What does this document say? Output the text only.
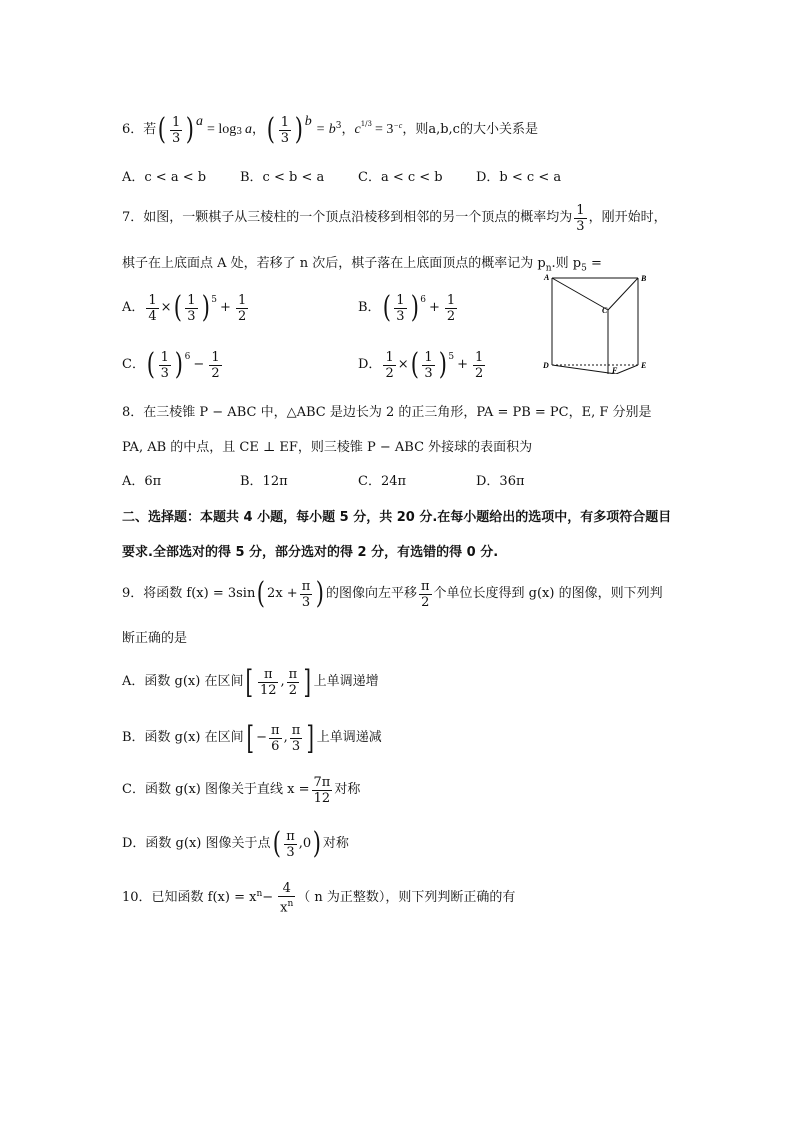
6． 若 ( $\frac{1}{3}$ ) a
= log 3 a ， ( $\frac{1}{3}$ ) b
= $b^3$ ， $c^{1/3} = 3^{-c}$ ，则a,b,c的大小关系是
A．c < a < b	B．c < b < a	C．a < c < b	D．b < c < a
7．如图，一颗棋子从三棱柱的一个顶点沿棱移到相邻的另一个顶点的概率均为 $\frac{1}{3}$ ，刚开始时，
棋子在上底面点 A 处，若移了 n 次后，棋子落在上底面顶点的概率记为 $p_n$.则 $p_5$ =
A． $\frac{1}{4}$ × ( $\frac{1}{3} )^5 + \frac{1}{2}$	B． ( $\frac{1}{3} )^6 + \frac{1}{2}$
C． ( $\frac{1}{3} )^6 - \frac{1}{2}$	D． $\frac{1}{2}$ × ( $\frac{1}{3} )^5 + \frac{1}{2}$
A	B
C
D	E
F
8．在三棱锥 P − ABC 中，△ABC 是边长为 2 的正三角形，PA = PB = PC，E, F 分别是
PA, AB 的中点，且 CE ⊥ EF，则三棱锥 P − ABC 外接球的表面积为
A．6π	B．12π	C．24π	D．36π
二、选择题：本题共 4 小题，每小题 5 分，共 20 分.在每小题给出的选项中，有多项符合题目
要求.全部选对的得 5 分，部分选对的得 2 分，有选错的得 0 分.
9．将函数 f(x) = 3sin ( $2x + \frac{\pi}{3}$ ) 的图像向左平移 $\frac{\pi}{2}$ 个单位长度得到 g(x) 的图像，则下列判
断正确的是
A．函数 g(x) 在区间 [ $\frac{\pi}{12}$ , $\frac{\pi}{2}$ ] 上单调递增
B．函数 g(x) 在区间 [ − $\frac{\pi}{6}$ , $\frac{\pi}{3}$ ] 上单调递减
C．函数 g(x) 图像关于直线 $x = \frac{7\pi}{12}$ 对称
D．函数 g(x) 图像关于点 ( $\frac{\pi}{3} ,0$ ) 对称
10．已知函数 $f(x) = x^n - \frac{4}{x^n}$ （ n 为正整数），则下列判断正确的有
